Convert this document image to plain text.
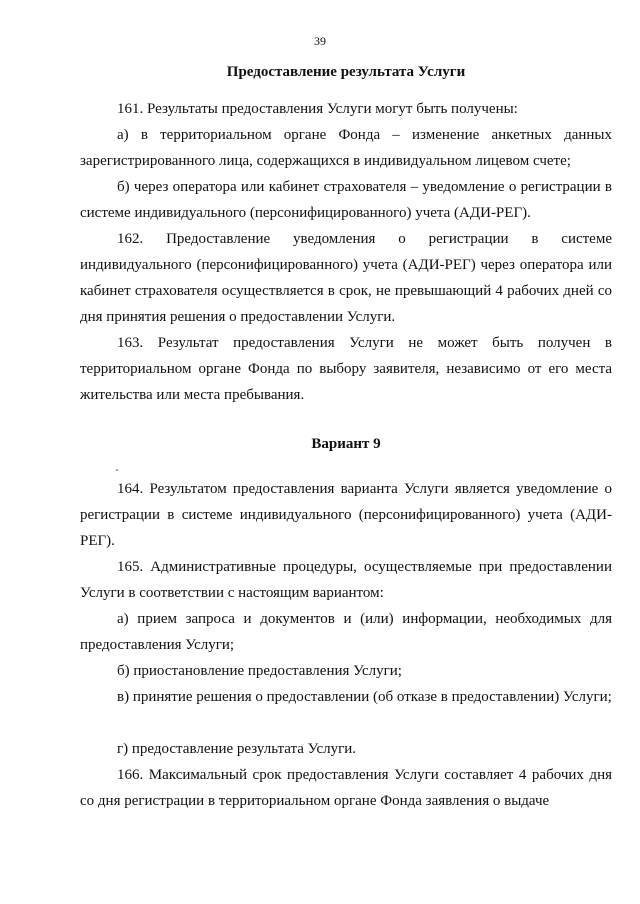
39
Предоставление результата Услуги

161. Результаты предоставления Услуги могут быть получены:

а) в территориальном органе Фонда – изменение анкетных данных зарегистрированного лица, содержащихся в индивидуальном лицевом счете;

б) через оператора или кабинет страхователя – уведомление о регистрации в системе индивидуального (персонифицированного) учета (АДИ-РЕГ).

162. Предоставление уведомления о регистрации в системе индивидуального (персонифицированного) учета (АДИ-РЕГ) через оператора или кабинет страхователя осуществляется в срок, не превышающий 4 рабочих дней со дня принятия решения о предоставлении Услуги.

163. Результат предоставления Услуги не может быть получен в территориальном органе Фонда по выбору заявителя, независимо от его места жительства или места пребывания.

Вариант 9

164. Результатом предоставления варианта Услуги является уведомление о регистрации в системе индивидуального (персонифицированного) учета (АДИ-РЕГ).

165. Административные процедуры, осуществляемые при предоставлении Услуги в соответствии с настоящим вариантом:

а) прием запроса и документов и (или) информации, необходимых для предоставления Услуги;

б) приостановление предоставления Услуги;

в) принятие решения о предоставлении (об отказе в предоставлении) Услуги;

г) предоставление результата Услуги.

166. Максимальный срок предоставления Услуги составляет 4 рабочих дня со дня регистрации в территориальном органе Фонда заявления о выдаче
